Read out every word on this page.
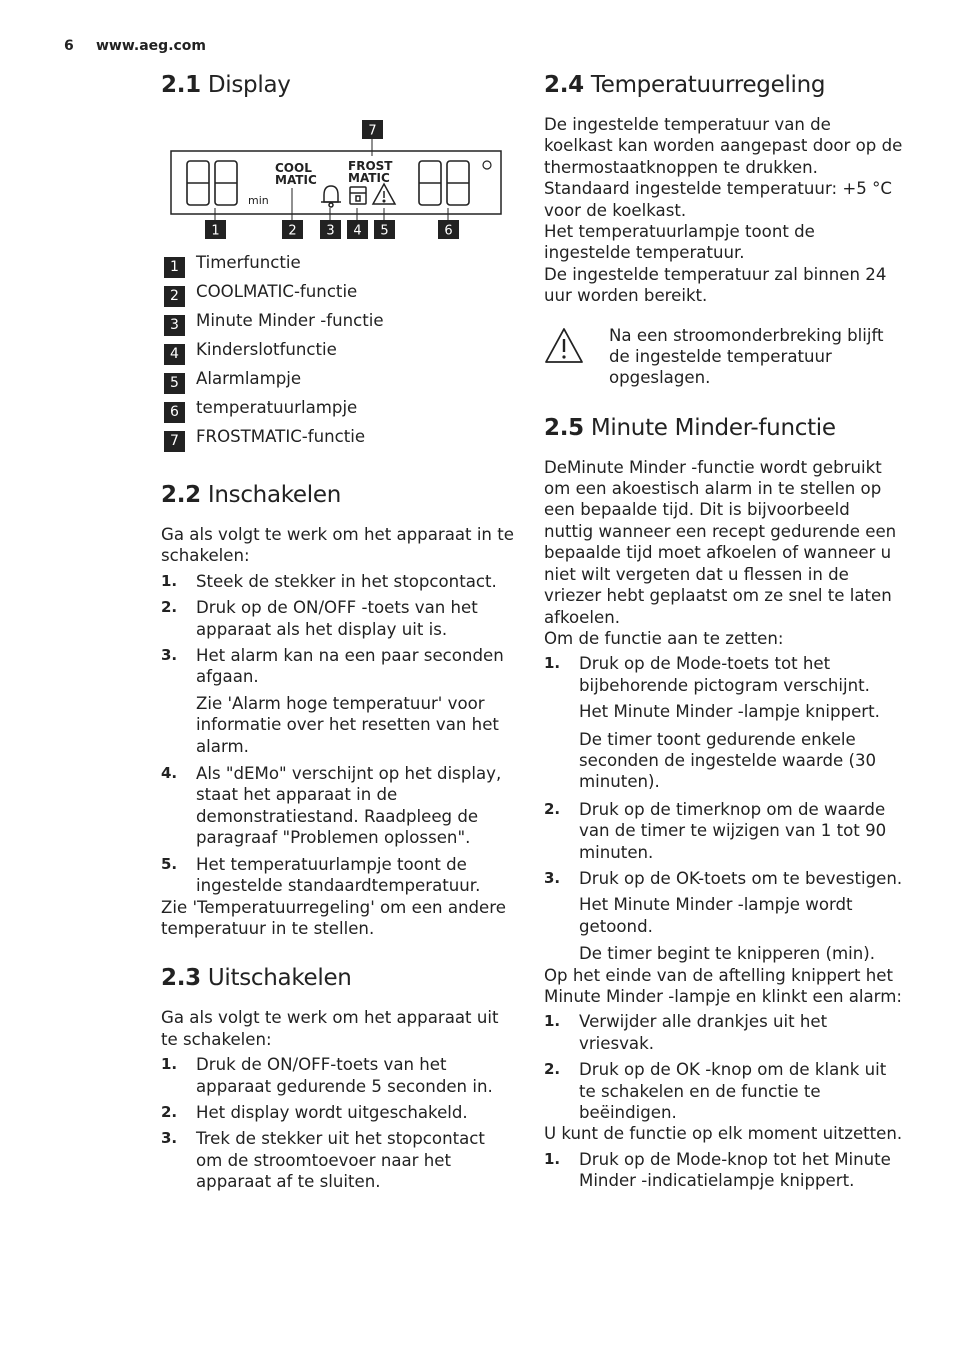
6 www.aeg.com
2.1 Display
min
COOL
MATIC
FROST
MATIC
7
1	2 3 4 5	6
1	Timerfunctie
2	COOLMATIC-functie
3	Minute Minder -functie
4	Kinderslotfunctie
5	Alarmlampje
6	temperatuurlampje
7	FROSTMATIC-functie
2.2 Inschakelen

Ga als volgt te werk om het apparaat in te schakelen:

1. Steek de stekker in het stopcontact.
2. Druk op de ON/OFF -toets van het apparaat als het display uit is.
3. Het alarm kan na een paar seconden afgaan.
Zie 'Alarm hoge temperatuur' voor informatie over het resetten van het alarm.
4. Als "dEMo" verschijnt op het display, staat het apparaat in de demonstratiestand. Raadpleeg de paragraaf "Problemen oplossen".
5. Het temperatuurlampje toont de ingestelde standaardtemperatuur.

Zie 'Temperatuurregeling' om een andere temperatuur in te stellen.

2.3 Uitschakelen

Ga als volgt te werk om het apparaat uit te schakelen:

1. Druk de ON/OFF-toets van het apparaat gedurende 5 seconden in.
2. Het display wordt uitgeschakeld.
3. Trek de stekker uit het stopcontact om de stroomtoevoer naar het apparaat af te sluiten.
2.4 Temperatuurregeling

De ingestelde temperatuur van de koelkast kan worden aangepast door op de thermostaatknoppen te drukken.

Standaard ingestelde temperatuur: +5 °C voor de koelkast.

Het temperatuurlampje toont de ingestelde temperatuur.

De ingestelde temperatuur zal binnen 24 uur worden bereikt.

Na een stroomonderbreking blijft de ingestelde temperatuur opgeslagen.
2.5 Minute Minder-functie

DeMinute Minder -functie wordt gebruikt om een akoestisch alarm in te stellen op een bepaalde tijd. Dit is bijvoorbeeld nuttig wanneer een recept gedurende een bepaalde tijd moet afkoelen of wanneer u niet wilt vergeten dat u flessen in de vriezer hebt geplaatst om ze snel te laten afkoelen.

Om de functie aan te zetten:

1. Druk op de Mode-toets tot het bijbehorende pictogram verschijnt.
Het Minute Minder -lampje knippert.
De timer toont gedurende enkele seconden de ingestelde waarde (30 minuten).
2. Druk op de timerknop om de waarde van de timer te wijzigen van 1 tot 90 minuten.
3. Druk op de OK-toets om te bevestigen.
Het Minute Minder -lampje wordt getoond.
De timer begint te knipperen (min).

Op het einde van de aftelling knippert het Minute Minder -lampje en klinkt een alarm:

1. Verwijder alle drankjes uit het vriesvak.
2. Druk op de OK -knop om de klank uit te schakelen en de functie te beëindigen.

U kunt de functie op elk moment uitzetten.

1. Druk op de Mode-knop tot het Minute Minder -indicatielampje knippert.
